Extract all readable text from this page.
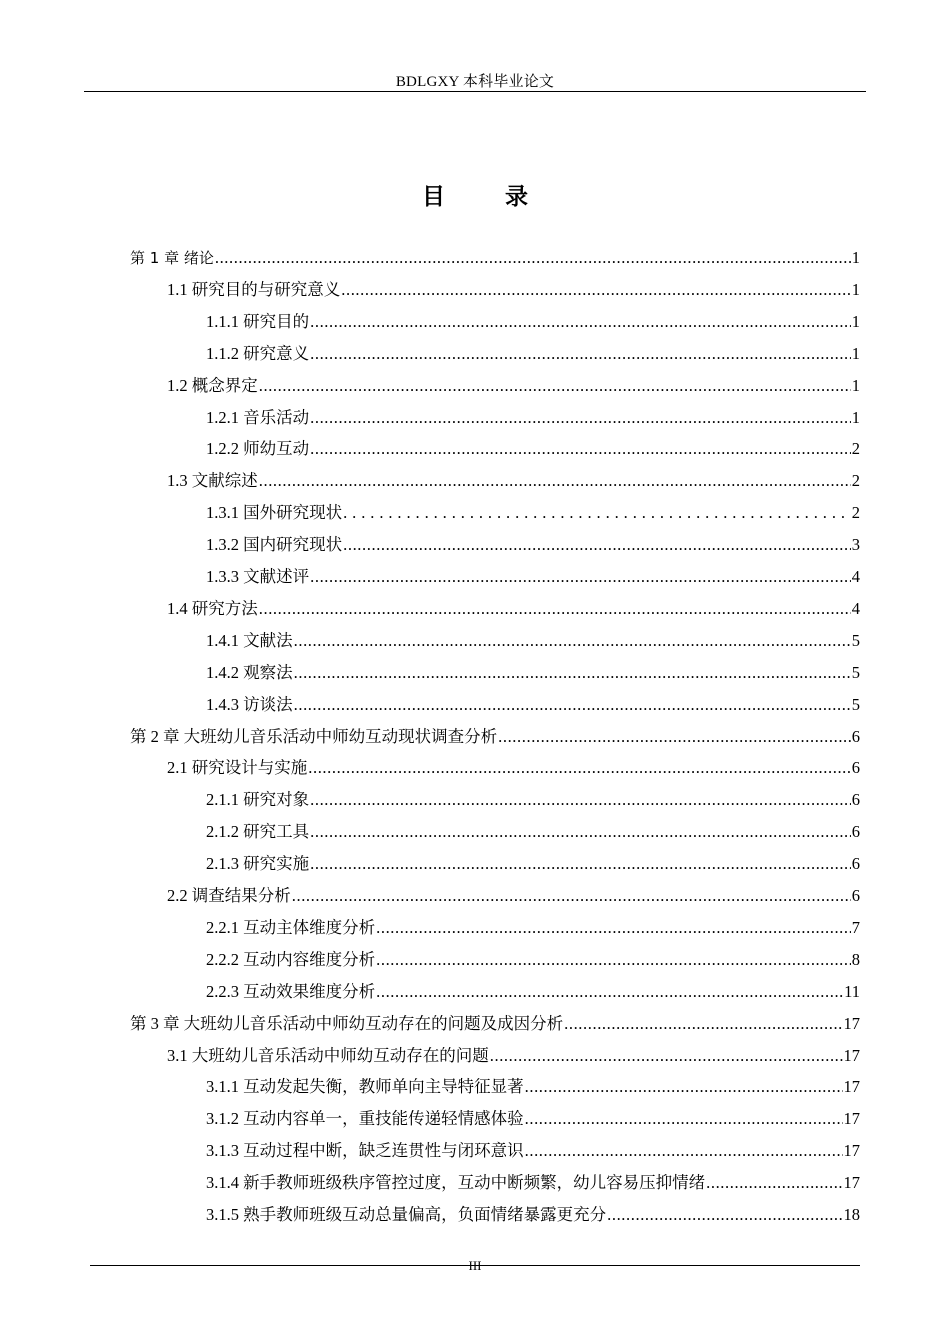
BDLGXY 本科毕业论文
目 录
第 1 章 绪论 .....	1
1.1 研究目的与研究意义 .....	1
1.1.1 研究目的 .....	1
1.1.2 研究意义 .....	1
1.2 概念界定 .....	1
1.2.1 音乐活动 .....	1
1.2.2 师幼互动 .....	2
1.3 文献综述 .....	2
1.3.1 国外研究现状 . . .	2
1.3.2 国内研究现状 .....	3
1.3.3 文献述评 .....	4
1.4 研究方法 .....	4
1.4.1 文献法 .....	5
1.4.2 观察法 .....	5
1.4.3 访谈法 .....	5
第 2 章 大班幼儿音乐活动中师幼互动现状调查分析 .....	6
2.1 研究设计与实施 .....	6
2.1.1 研究对象 .....	6
2.1.2 研究工具 .....	6
2.1.3 研究实施 .....	6
2.2 调查结果分析 .....	6
2.2.1 互动主体维度分析 .....	7
2.2.2 互动内容维度分析 .....	8
2.2.3 互动效果维度分析 .....	11
第 3 章 大班幼儿音乐活动中师幼互动存在的问题及成因分析 .....	17
3.1 大班幼儿音乐活动中师幼互动存在的问题 .....	17
3.1.1 互动发起失衡，教师单向主导特征显著 .....	17
3.1.2 互动内容单一，重技能传递轻情感体验 .....	17
3.1.3 互动过程中断，缺乏连贯性与闭环意识 .....	17
3.1.4 新手教师班级秩序管控过度，互动中断频繁，幼儿容易压抑情绪 .....	17
3.1.5 熟手教师班级互动总量偏高，负面情绪暴露更充分 .....	18
III
